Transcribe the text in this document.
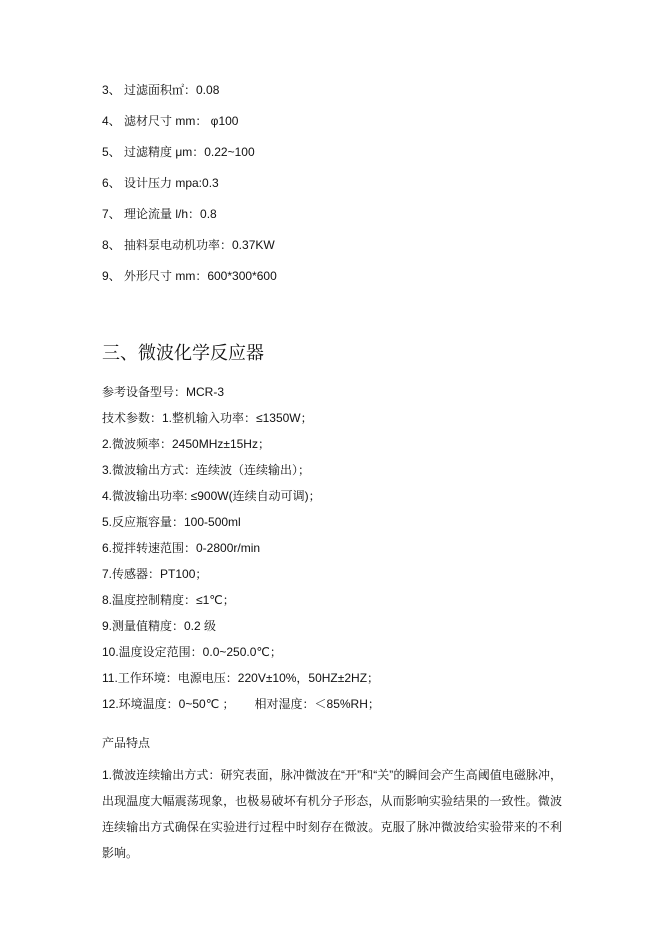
3、 过滤面积㎡：0.08
4、 滤材尺寸 mm： φ100
5、 过滤精度 μm：0.22~100
6、 设计压力 mpa:0.3
7、 理论流量 l/h：0.8
8、 抽料泵电动机功率：0.37KW
9、 外形尺寸 mm：600*300*600
三、微波化学反应器
参考设备型号：MCR-3
技术参数：1.整机输入功率：≤1350W；
2.微波频率：2450MHz±15Hz；
3.微波输出方式：连续波（连续输出）；
4.微波输出功率: ≤900W(连续自动可调)；
5.反应瓶容量：100-500ml
6.搅拌转速范围：0-2800r/min
7.传感器：PT100；
8.温度控制精度：≤1℃；
9.测量值精度：0.2 级
10.温度设定范围：0.0~250.0℃；
11.工作环境：电源电压：220V±10%，50HZ±2HZ；
12.环境温度：0~50℃ ；      相对湿度：＜85%RH；
产品特点
1.微波连续输出方式：研究表面，脉冲微波在“开”和“关”的瞬间会产生高阈值电磁脉冲，出现温度大幅震荡现象，也极易破坏有机分子形态，从而影响实验结果的一致性。微波连续输出方式确保在实验进行过程中时刻存在微波。克服了脉冲微波给实验带来的不利影响。
